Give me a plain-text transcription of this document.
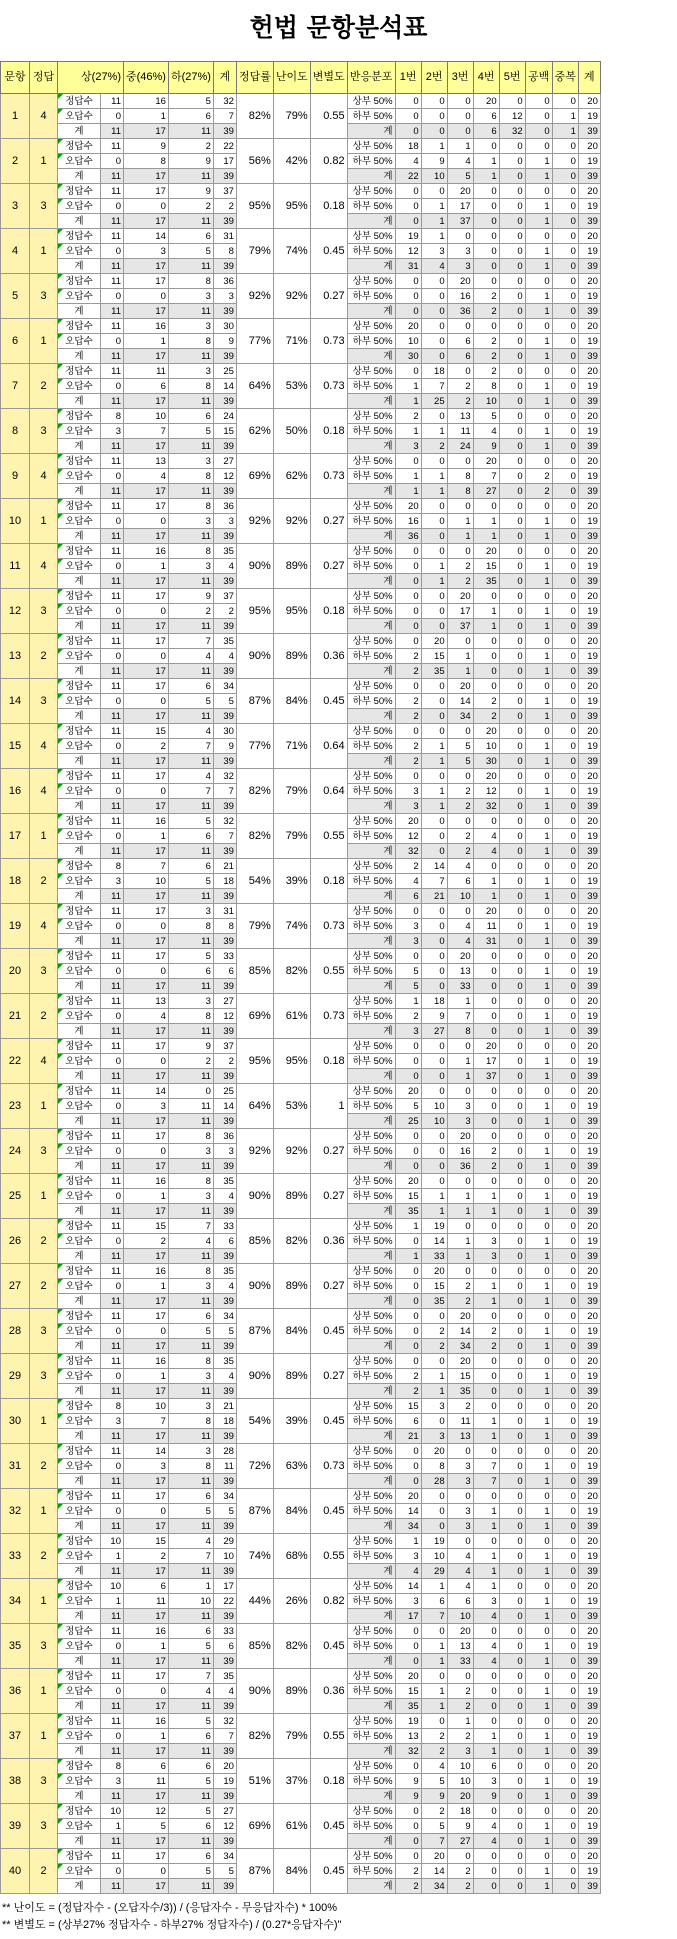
헌법 문항분석표
문항	정답	상(27%)		중(46%)	하(27%)	계	정답률	난이도	변별도	반응분포	1번	2번	3번	4번	5번	공백	중복	계
1	4	정답수	11	16	5	32	82%	79%	0.55	상부 50%	0	0	0	20	0	0	0	20
		오답수	0	1	6	7				하부 50%	0	0	0	6	12	0	1	19
		계	11	17	11	39				계	0	0	0	6	32	0	1	39
2	1	정답수	11	9	2	22	56%	42%	0.82	상부 50%	18	1	1	0	0	0	0	20
		오답수	0	8	9	17				하부 50%	4	9	4	1	0	1	0	19
		계	11	17	11	39				계	22	10	5	1	0	1	0	39
3	3	정답수	11	17	9	37	95%	95%	0.18	상부 50%	0	0	20	0	0	0	0	20
		오답수	0	0	2	2				하부 50%	0	1	17	0	0	1	0	19
		계	11	17	11	39				계	0	1	37	0	0	1	0	39
4	1	정답수	11	14	6	31	79%	74%	0.45	상부 50%	19	1	0	0	0	0	0	20
		오답수	0	3	5	8				하부 50%	12	3	3	0	0	1	0	19
		계	11	17	11	39				계	31	4	3	0	0	1	0	39
5	3	정답수	11	17	8	36	92%	92%	0.27	상부 50%	0	0	20	0	0	0	0	20
		오답수	0	0	3	3				하부 50%	0	0	16	2	0	1	0	19
		계	11	17	11	39				계	0	0	36	2	0	1	0	39
6	1	정답수	11	16	3	30	77%	71%	0.73	상부 50%	20	0	0	0	0	0	0	20
		오답수	0	1	8	9				하부 50%	10	0	6	2	0	1	0	19
		계	11	17	11	39				계	30	0	6	2	0	1	0	39
7	2	정답수	11	11	3	25	64%	53%	0.73	상부 50%	0	18	0	2	0	0	0	20
		오답수	0	6	8	14				하부 50%	1	7	2	8	0	1	0	19
		계	11	17	11	39				계	1	25	2	10	0	1	0	39
8	3	정답수	8	10	6	24	62%	50%	0.18	상부 50%	2	0	13	5	0	0	0	20
		오답수	3	7	5	15				하부 50%	1	1	11	4	0	1	0	19
		계	11	17	11	39				계	3	2	24	9	0	1	0	39
9	4	정답수	11	13	3	27	69%	62%	0.73	상부 50%	0	0	0	20	0	0	0	20
		오답수	0	4	8	12				하부 50%	1	1	8	7	0	2	0	19
		계	11	17	11	39				계	1	1	8	27	0	2	0	39
10	1	정답수	11	17	8	36	92%	92%	0.27	상부 50%	20	0	0	0	0	0	0	20
		오답수	0	0	3	3				하부 50%	16	0	1	1	0	1	0	19
		계	11	17	11	39				계	36	0	1	1	0	1	0	39
11	4	정답수	11	16	8	35	90%	89%	0.27	상부 50%	0	0	0	20	0	0	0	20
		오답수	0	1	3	4				하부 50%	0	1	2	15	0	1	0	19
		계	11	17	11	39				계	0	1	2	35	0	1	0	39
12	3	정답수	11	17	9	37	95%	95%	0.18	상부 50%	0	0	20	0	0	0	0	20
		오답수	0	0	2	2				하부 50%	0	0	17	1	0	1	0	19
		계	11	17	11	39				계	0	0	37	1	0	1	0	39
13	2	정답수	11	17	7	35	90%	89%	0.36	상부 50%	0	20	0	0	0	0	0	20
		오답수	0	0	4	4				하부 50%	2	15	1	0	0	1	0	19
		계	11	17	11	39				계	2	35	1	0	0	1	0	39
14	3	정답수	11	17	6	34	87%	84%	0.45	상부 50%	0	0	20	0	0	0	0	20
		오답수	0	0	5	5				하부 50%	2	0	14	2	0	1	0	19
		계	11	17	11	39				계	2	0	34	2	0	1	0	39
15	4	정답수	11	15	4	30	77%	71%	0.64	상부 50%	0	0	0	20	0	0	0	20
		오답수	0	2	7	9				하부 50%	2	1	5	10	0	1	0	19
		계	11	17	11	39				계	2	1	5	30	0	1	0	39
16	4	정답수	11	17	4	32	82%	79%	0.64	상부 50%	0	0	0	20	0	0	0	20
		오답수	0	0	7	7				하부 50%	3	1	2	12	0	1	0	19
		계	11	17	11	39				계	3	1	2	32	0	1	0	39
17	1	정답수	11	16	5	32	82%	79%	0.55	상부 50%	20	0	0	0	0	0	0	20
		오답수	0	1	6	7				하부 50%	12	0	2	4	0	1	0	19
		계	11	17	11	39				계	32	0	2	4	0	1	0	39
18	2	정답수	8	7	6	21	54%	39%	0.18	상부 50%	2	14	4	0	0	0	0	20
		오답수	3	10	5	18				하부 50%	4	7	6	1	0	1	0	19
		계	11	17	11	39				계	6	21	10	1	0	1	0	39
19	4	정답수	11	17	3	31	79%	74%	0.73	상부 50%	0	0	0	20	0	0	0	20
		오답수	0	0	8	8				하부 50%	3	0	4	11	0	1	0	19
		계	11	17	11	39				계	3	0	4	31	0	1	0	39
20	3	정답수	11	17	5	33	85%	82%	0.55	상부 50%	0	0	20	0	0	0	0	20
		오답수	0	0	6	6				하부 50%	5	0	13	0	0	1	0	19
		계	11	17	11	39				계	5	0	33	0	0	1	0	39
21	2	정답수	11	13	3	27	69%	61%	0.73	상부 50%	1	18	1	0	0	0	0	20
		오답수	0	4	8	12				하부 50%	2	9	7	0	0	1	0	19
		계	11	17	11	39				계	3	27	8	0	0	1	0	39
22	4	정답수	11	17	9	37	95%	95%	0.18	상부 50%	0	0	0	20	0	0	0	20
		오답수	0	0	2	2				하부 50%	0	0	1	17	0	1	0	19
		계	11	17	11	39				계	0	0	1	37	0	1	0	39
23	1	정답수	11	14	0	25	64%	53%	1	상부 50%	20	0	0	0	0	0	0	20
		오답수	0	3	11	14				하부 50%	5	10	3	0	0	1	0	19
		계	11	17	11	39				계	25	10	3	0	0	1	0	39
24	3	정답수	11	17	8	36	92%	92%	0.27	상부 50%	0	0	20	0	0	0	0	20
		오답수	0	0	3	3				하부 50%	0	0	16	2	0	1	0	19
		계	11	17	11	39				계	0	0	36	2	0	1	0	39
25	1	정답수	11	16	8	35	90%	89%	0.27	상부 50%	20	0	0	0	0	0	0	20
		오답수	0	1	3	4				하부 50%	15	1	1	1	0	1	0	19
		계	11	17	11	39				계	35	1	1	1	0	1	0	39
26	2	정답수	11	15	7	33	85%	82%	0.36	상부 50%	1	19	0	0	0	0	0	20
		오답수	0	2	4	6				하부 50%	0	14	1	3	0	1	0	19
		계	11	17	11	39				계	1	33	1	3	0	1	0	39
27	2	정답수	11	16	8	35	90%	89%	0.27	상부 50%	0	20	0	0	0	0	0	20
		오답수	0	1	3	4				하부 50%	0	15	2	1	0	1	0	19
		계	11	17	11	39				계	0	35	2	1	0	1	0	39
28	3	정답수	11	17	6	34	87%	84%	0.45	상부 50%	0	0	20	0	0	0	0	20
		오답수	0	0	5	5				하부 50%	0	2	14	2	0	1	0	19
		계	11	17	11	39				계	0	2	34	2	0	1	0	39
29	3	정답수	11	16	8	35	90%	89%	0.27	상부 50%	0	0	20	0	0	0	0	20
		오답수	0	1	3	4				하부 50%	2	1	15	0	0	1	0	19
		계	11	17	11	39				계	2	1	35	0	0	1	0	39
30	1	정답수	8	10	3	21	54%	39%	0.45	상부 50%	15	3	2	0	0	0	0	20
		오답수	3	7	8	18				하부 50%	6	0	11	1	0	1	0	19
		계	11	17	11	39				계	21	3	13	1	0	1	0	39
31	2	정답수	11	14	3	28	72%	63%	0.73	상부 50%	0	20	0	0	0	0	0	20
		오답수	0	3	8	11				하부 50%	0	8	3	7	0	1	0	19
		계	11	17	11	39				계	0	28	3	7	0	1	0	39
32	1	정답수	11	17	6	34	87%	84%	0.45	상부 50%	20	0	0	0	0	0	0	20
		오답수	0	0	5	5				하부 50%	14	0	3	1	0	1	0	19
		계	11	17	11	39				계	34	0	3	1	0	1	0	39
33	2	정답수	10	15	4	29	74%	68%	0.55	상부 50%	1	19	0	0	0	0	0	20
		오답수	1	2	7	10				하부 50%	3	10	4	1	0	1	0	19
		계	11	17	11	39				계	4	29	4	1	0	1	0	39
34	1	정답수	10	6	1	17	44%	26%	0.82	상부 50%	14	1	4	1	0	0	0	20
		오답수	1	11	10	22				하부 50%	3	6	6	3	0	1	0	19
		계	11	17	11	39				계	17	7	10	4	0	1	0	39
35	3	정답수	11	16	6	33	85%	82%	0.45	상부 50%	0	0	20	0	0	0	0	20
		오답수	0	1	5	6				하부 50%	0	1	13	4	0	1	0	19
		계	11	17	11	39				계	0	1	33	4	0	1	0	39
36	1	정답수	11	17	7	35	90%	89%	0.36	상부 50%	20	0	0	0	0	0	0	20
		오답수	0	0	4	4				하부 50%	15	1	2	0	0	1	0	19
		계	11	17	11	39				계	35	1	2	0	0	1	0	39
37	1	정답수	11	16	5	32	82%	79%	0.55	상부 50%	19	0	1	0	0	0	0	20
		오답수	0	1	6	7				하부 50%	13	2	2	1	0	1	0	19
		계	11	17	11	39				계	32	2	3	1	0	1	0	39
38	3	정답수	8	6	6	20	51%	37%	0.18	상부 50%	0	4	10	6	0	0	0	20
		오답수	3	11	5	19				하부 50%	9	5	10	3	0	1	0	19
		계	11	17	11	39				계	9	9	20	9	0	1	0	39
39	3	정답수	10	12	5	27	69%	61%	0.45	상부 50%	0	2	18	0	0	0	0	20
		오답수	1	5	6	12				하부 50%	0	5	9	4	0	1	0	19
		계	11	17	11	39				계	0	7	27	4	0	1	0	39
40	2	정답수	11	17	6	34	87%	84%	0.45	상부 50%	0	20	0	0	0	0	0	20
		오답수	0	0	5	5				하부 50%	2	14	2	0	0	1	0	19
		계	11	17	11	39				계	2	34	2	0	0	1	0	39
** 난이도 = (정답자수 - (오답자수/3)) / (응답자수 - 무응답자수) * 100%
** 변별도 = (상부27% 정답자수 - 하부27% 정답자수) / (0.27*응답자수)"
